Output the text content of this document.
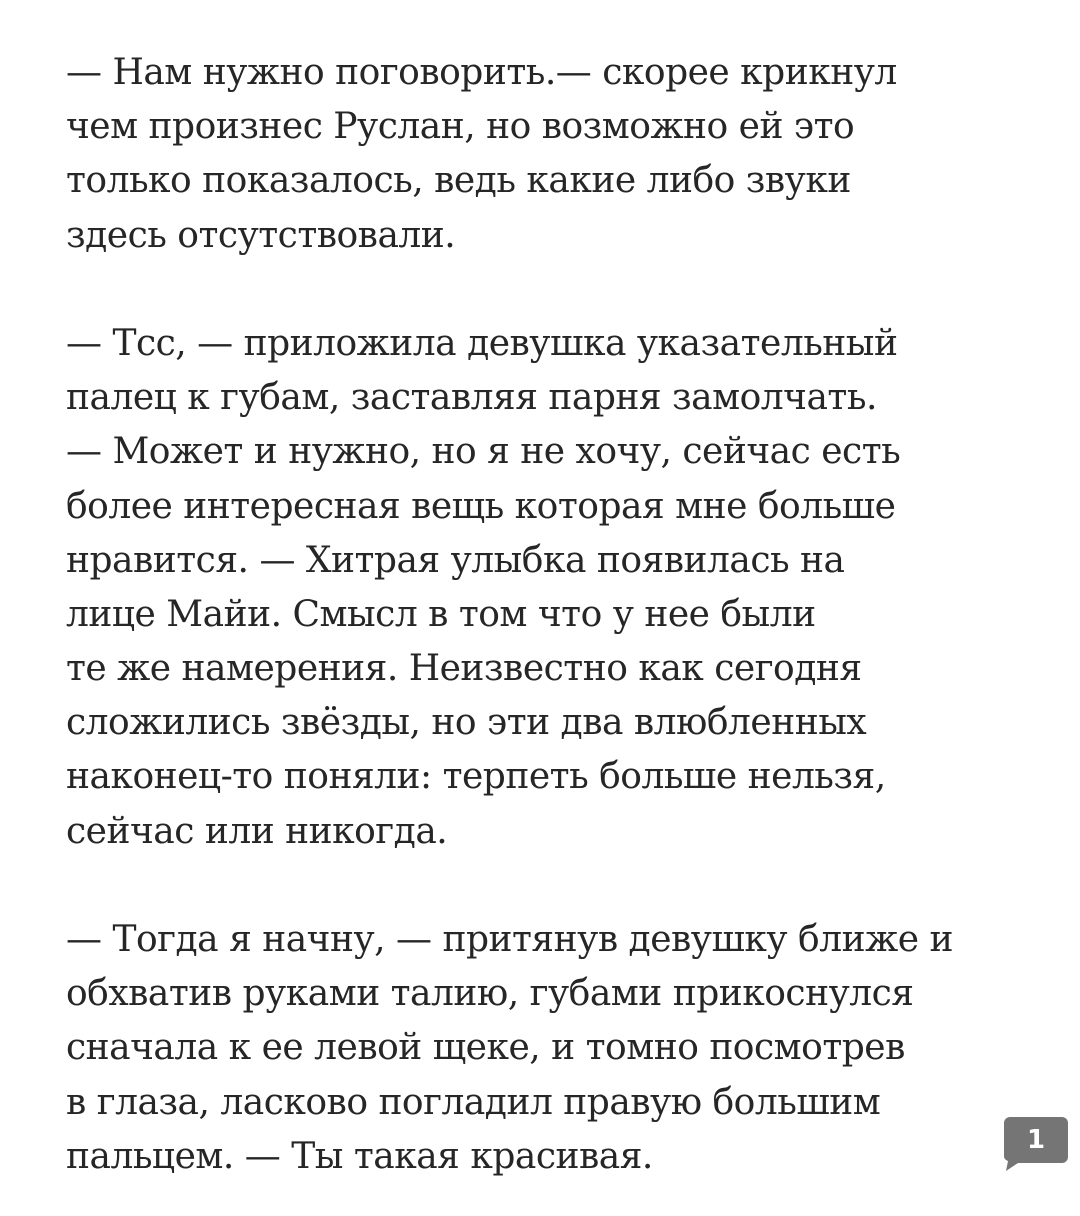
— Нам нужно поговорить.— скорее крикнул
чем произнес Руслан, но возможно ей это
только показалось, ведь какие либо звуки
здесь отсутствовали.
— Тсс, — приложила девушка указательный
палец к губам, заставляя парня замолчать.
— Может и нужно, но я не хочу, сейчас есть
более интересная вещь которая мне больше
нравится. — Хитрая улыбка появилась на
лице Майи. Смысл в том что у нее были
те же намерения. Неизвестно как сегодня
сложились звёзды, но эти два влюбленных
наконец-то поняли: терпеть больше нельзя,
сейчас или никогда.
— Тогда я начну, — притянув девушку ближе и
обхватив руками талию, губами прикоснулся
сначала к ее левой щеке, и томно посмотрев
в глаза, ласково погладил правую большим
пальцем. — Ты такая красивая.	1
